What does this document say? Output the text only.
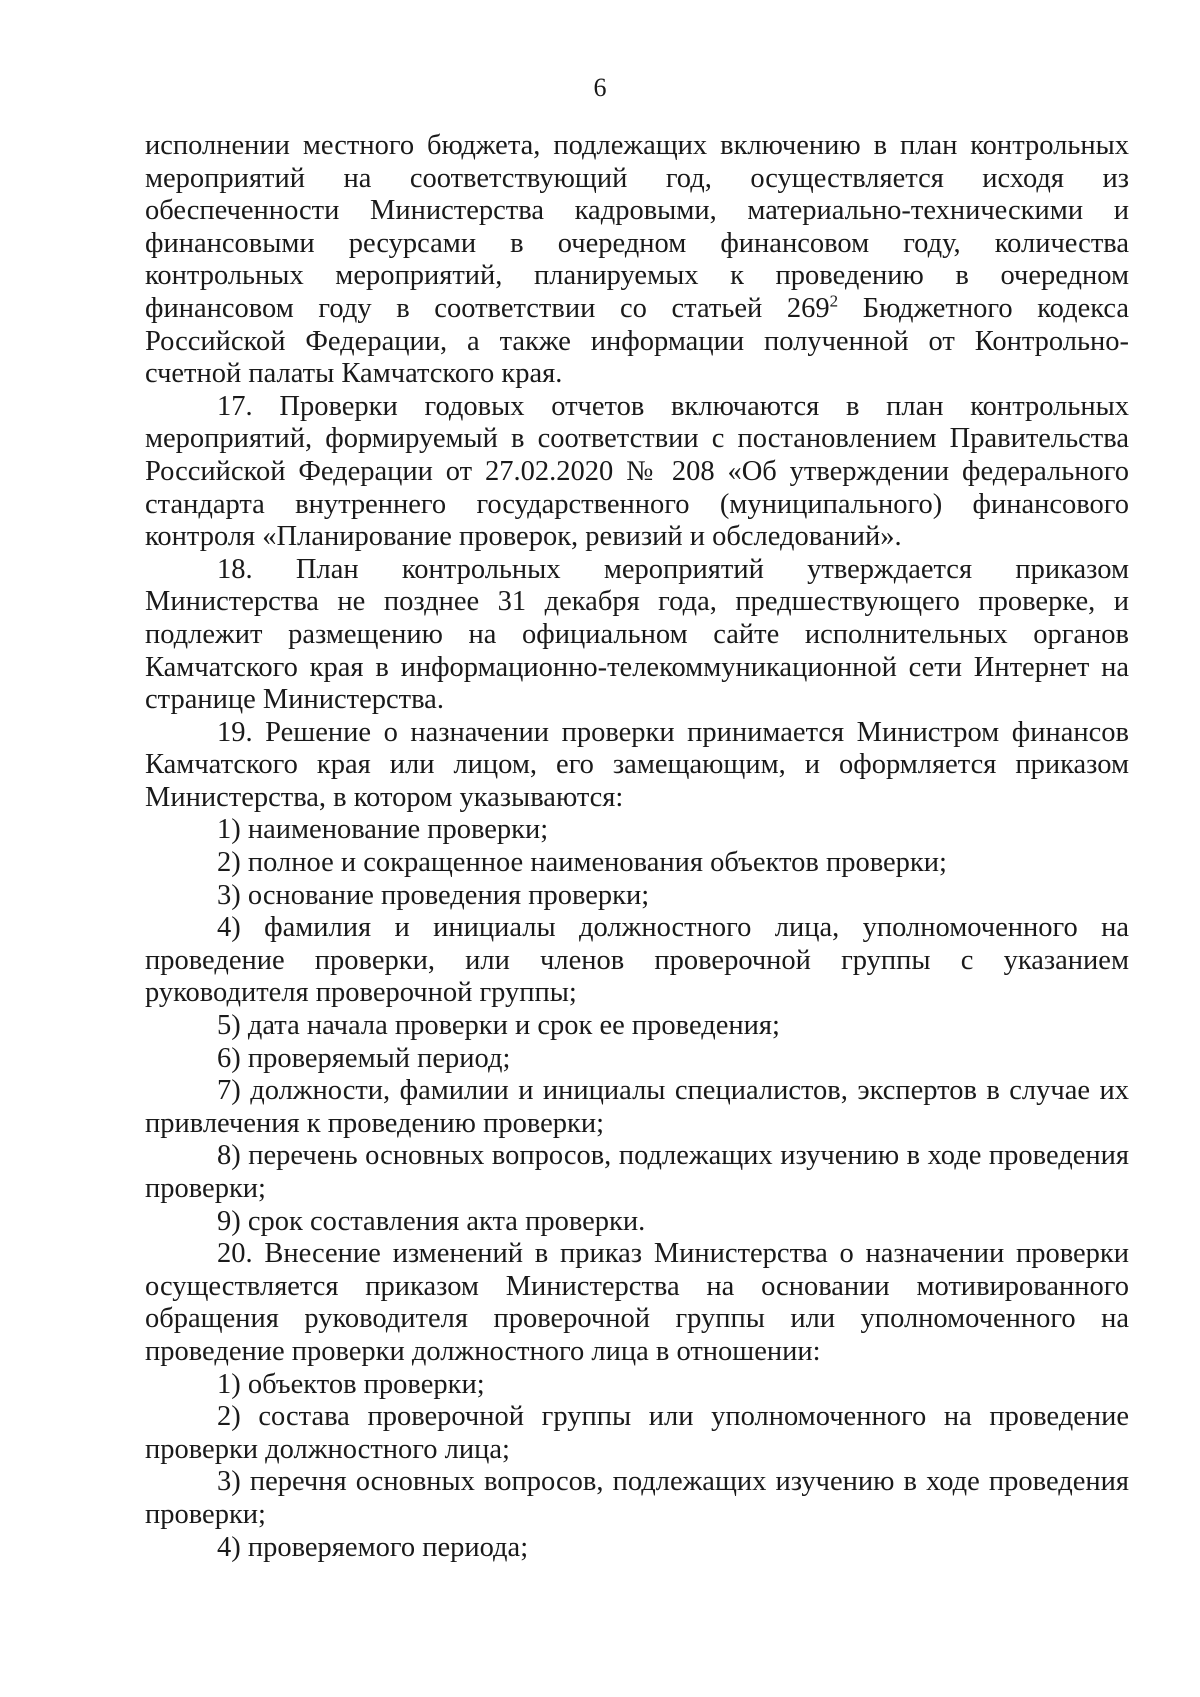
6

исполнении местного бюджета, подлежащих включению в план контрольных мероприятий на соответствующий год, осуществляется исходя из обеспеченности Министерства кадровыми, материально-техническими и финансовыми ресурсами в очередном финансовом году, количества контрольных мероприятий, планируемых к проведению в очередном финансовом году в соответствии со статьей $269^2$ Бюджетного кодекса Российской Федерации, а также информации полученной от Контрольно-счетной палаты Камчатского края.

17. Проверки годовых отчетов включаются в план контрольных мероприятий, формируемый в соответствии с постановлением Правительства Российской Федерации от 27.02.2020 № 208 «Об утверждении федерального стандарта внутреннего государственного (муниципального) финансового контроля «Планирование проверок, ревизий и обследований».

18. План контрольных мероприятий утверждается приказом Министерства не позднее 31 декабря года, предшествующего проверке, и подлежит размещению на официальном сайте исполнительных органов Камчатского края в информационно-телекоммуникационной сети Интернет на странице Министерства.

19. Решение о назначении проверки принимается Министром финансов Камчатского края или лицом, его замещающим, и оформляется приказом Министерства, в котором указываются:

1) наименование проверки;

2) полное и сокращенное наименования объектов проверки;

3) основание проведения проверки;

4) фамилия и инициалы должностного лица, уполномоченного на проведение проверки, или членов проверочной группы с указанием руководителя проверочной группы;

5) дата начала проверки и срок ее проведения;

6) проверяемый период;

7) должности, фамилии и инициалы специалистов, экспертов в случае их привлечения к проведению проверки;

8) перечень основных вопросов, подлежащих изучению в ходе проведения проверки;

9) срок составления акта проверки.

20. Внесение изменений в приказ Министерства о назначении проверки осуществляется приказом Министерства на основании мотивированного обращения руководителя проверочной группы или уполномоченного на проведение проверки должностного лица в отношении:

1) объектов проверки;

2) состава проверочной группы или уполномоченного на проведение проверки должностного лица;

3) перечня основных вопросов, подлежащих изучению в ходе проведения проверки;

4) проверяемого периода;
